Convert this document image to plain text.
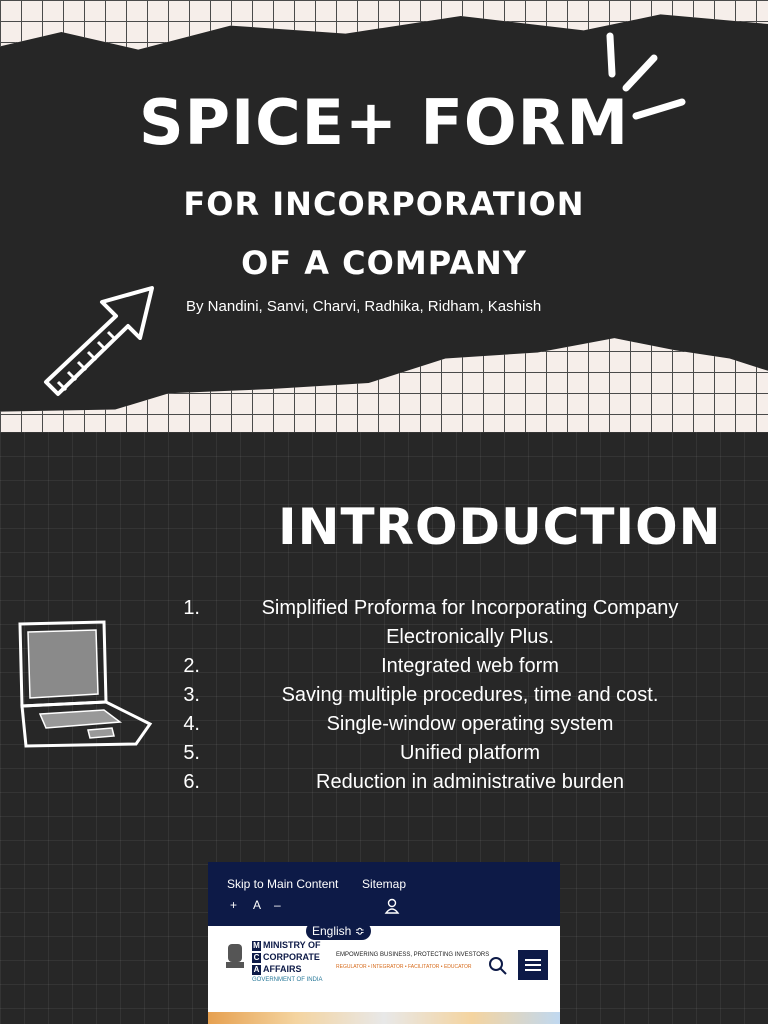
SPICE+ FORM
FOR INCORPORATION
OF A COMPANY
By Nandini, Sanvi, Charvi, Radhika, Ridham, Kashish
INTRODUCTION
1.	Simplified Proforma for Incorporating Company Electronically Plus.
2.	Integrated web form
3.	Saving multiple procedures, time and cost.
4.	Single-window operating system
5.	Unified platform
6.	Reduction in administrative burden
Skip to Main Content Sitemap
+ A –
English ≎
M MINISTRY OF
C CORPORATE
A AFFAIRS
GOVERNMENT OF INDIA
EMPOWERING BUSINESS, PROTECTING INVESTORS
REGULATOR • INTEGRATOR • FACILITATOR • EDUCATOR
